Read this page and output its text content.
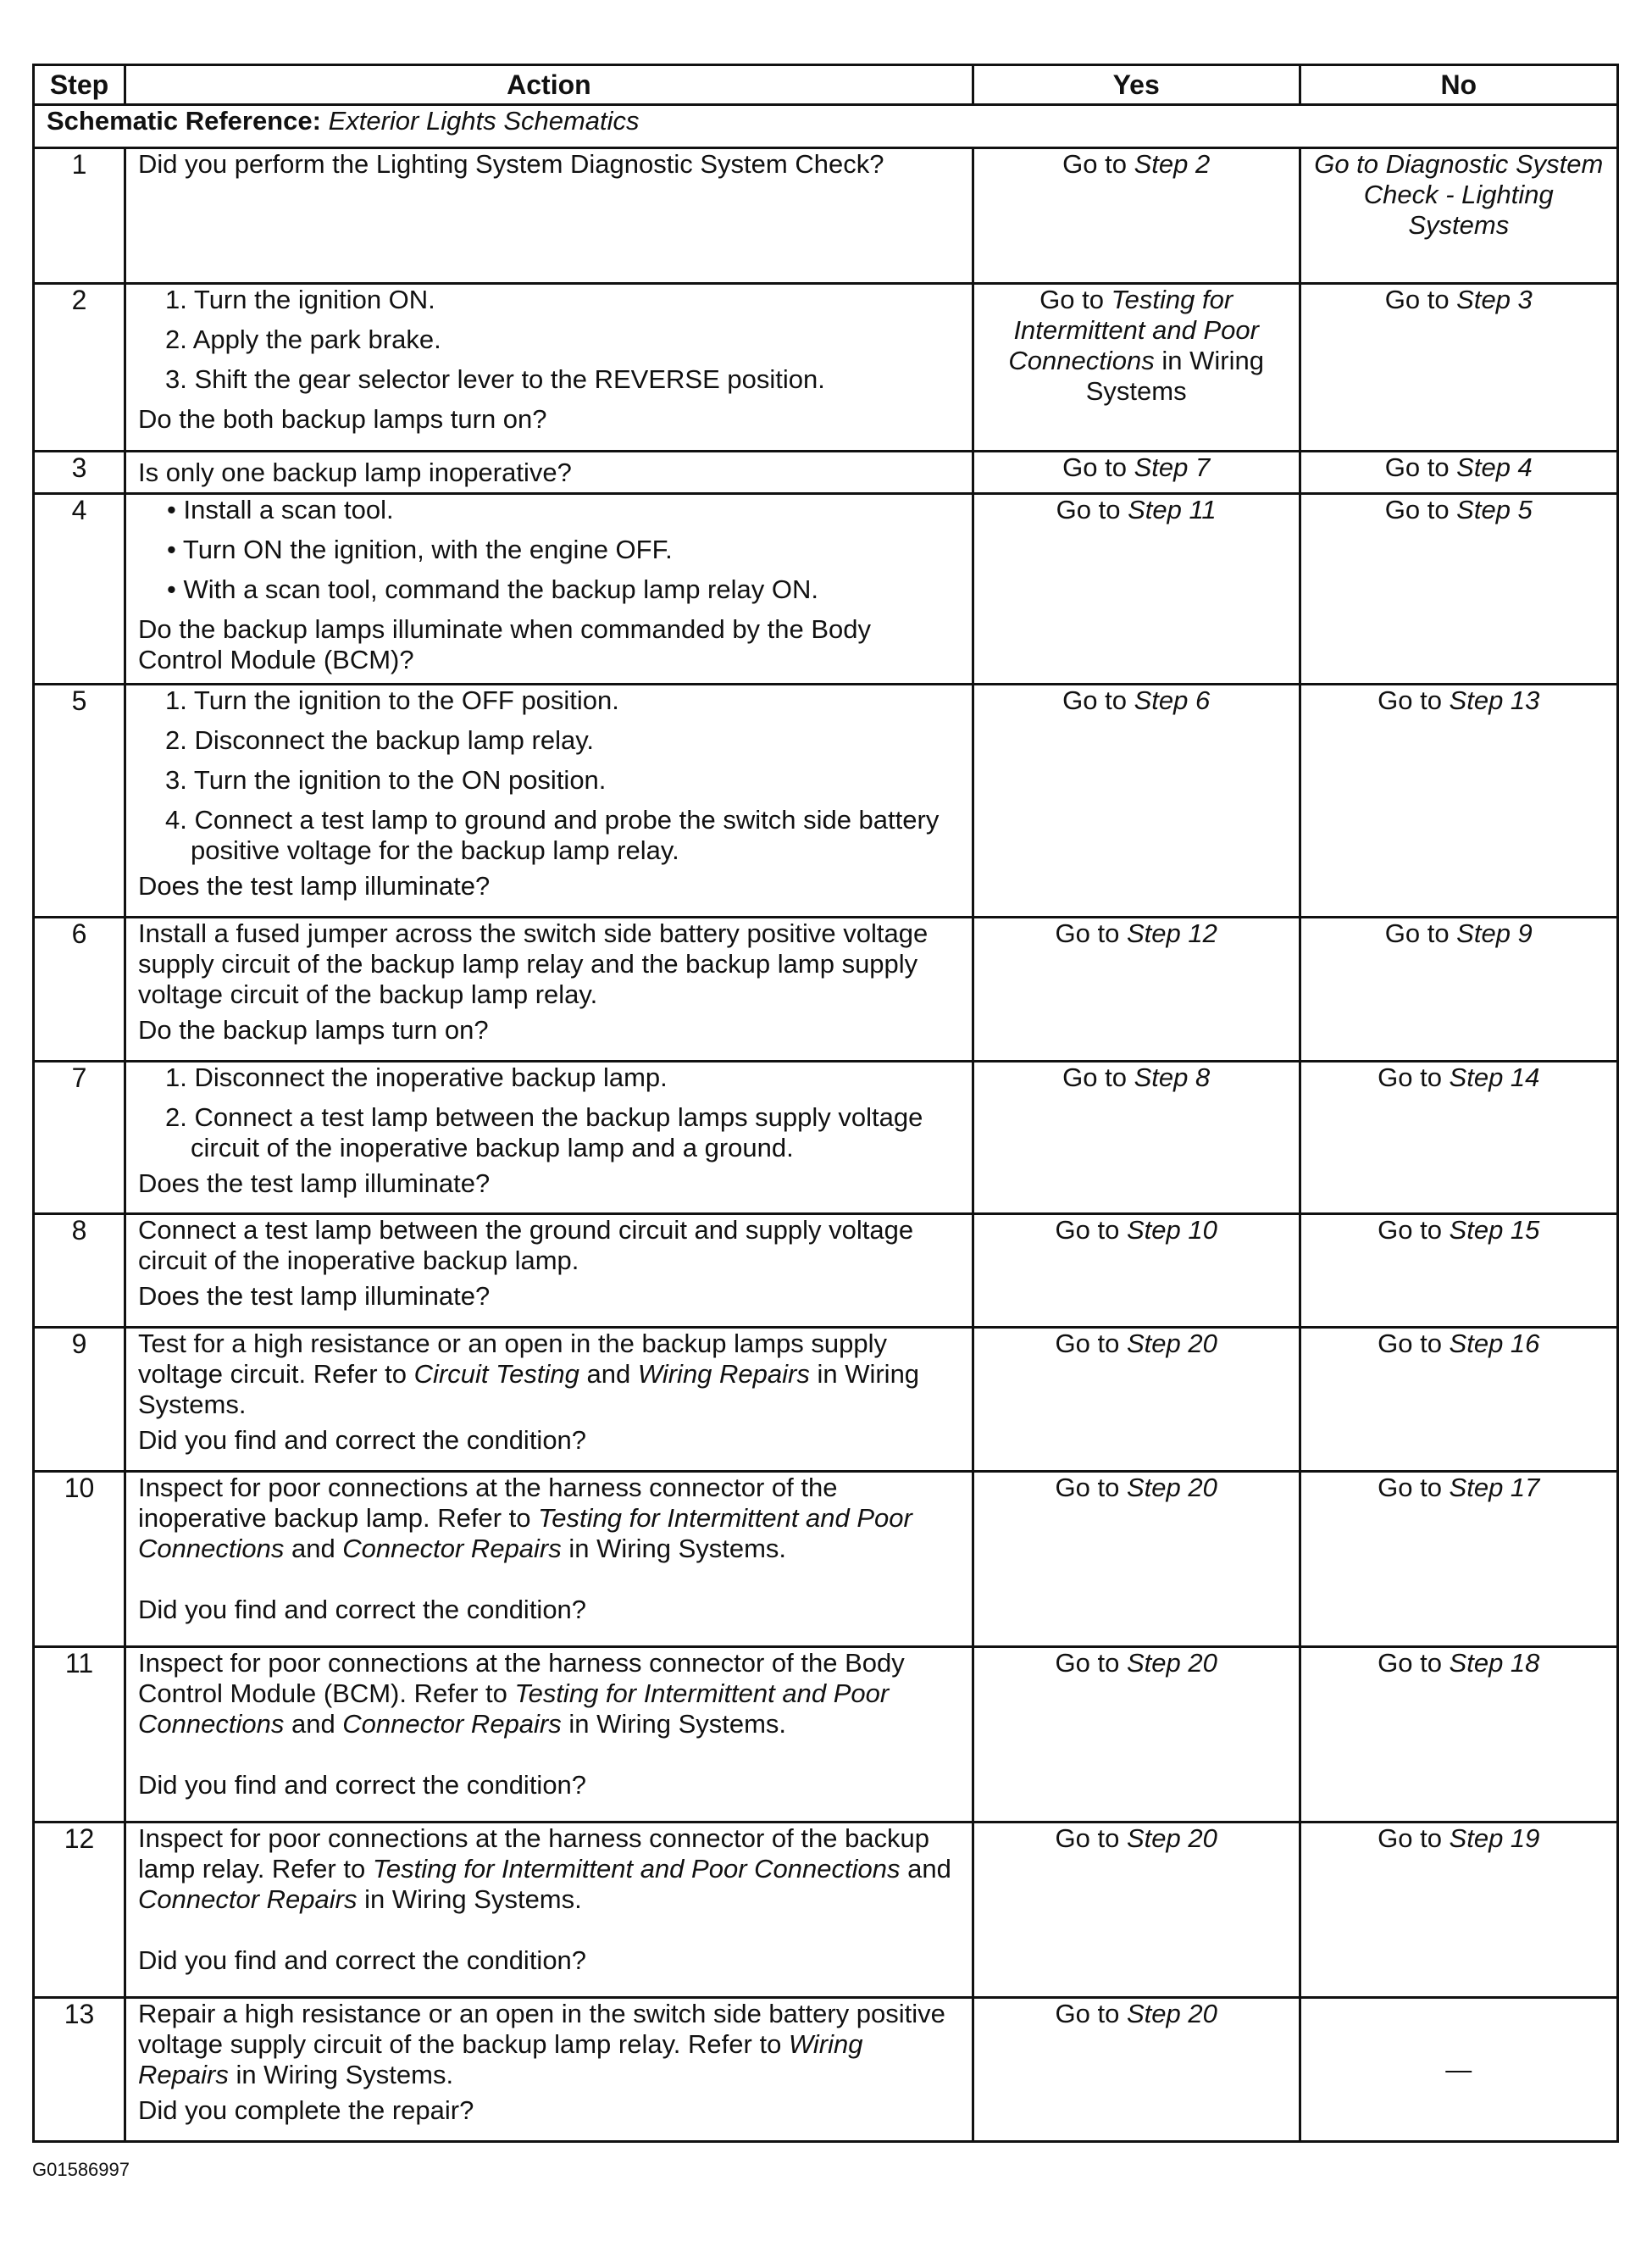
Step	Action	Yes	No
Schematic Reference: Exterior Lights Schematics			
1	Did you perform the Lighting System Diagnostic System Check?	Go to Step 2	Go to Diagnostic System Check - Lighting Systems
2	1. Turn the ignition ON.
2. Apply the park brake.
3. Shift the gear selector lever to the REVERSE position.
Do the both backup lamps turn on?	Go to Testing for Intermittent and Poor Connections in Wiring Systems	Go to Step 3
3	Is only one backup lamp inoperative?	Go to Step 7	Go to Step 4
4	• Install a scan tool.
• Turn ON the ignition, with the engine OFF.
• With a scan tool, command the backup lamp relay ON.
Do the backup lamps illuminate when commanded by the Body Control Module (BCM)?	Go to Step 11	Go to Step 5
5	1. Turn the ignition to the OFF position.
2. Disconnect the backup lamp relay.
3. Turn the ignition to the ON position.
4. Connect a test lamp to ground and probe the switch side battery positive voltage for the backup lamp relay.
Does the test lamp illuminate?	Go to Step 6	Go to Step 13
6	Install a fused jumper across the switch side battery positive voltage supply circuit of the backup lamp relay and the backup lamp supply voltage circuit of the backup lamp relay.
Do the backup lamps turn on?	Go to Step 12	Go to Step 9
7	1. Disconnect the inoperative backup lamp.
2. Connect a test lamp between the backup lamps supply voltage circuit of the inoperative backup lamp and a ground.
Does the test lamp illuminate?	Go to Step 8	Go to Step 14
8	Connect a test lamp between the ground circuit and supply voltage circuit of the inoperative backup lamp.
Does the test lamp illuminate?	Go to Step 10	Go to Step 15
9	Test for a high resistance or an open in the backup lamps supply voltage circuit. Refer to Circuit Testing and Wiring Repairs in Wiring Systems.
Did you find and correct the condition?	Go to Step 20	Go to Step 16
10	Inspect for poor connections at the harness connector of the inoperative backup lamp. Refer to Testing for Intermittent and Poor Connections and Connector Repairs in Wiring Systems.
Did you find and correct the condition?	Go to Step 20	Go to Step 17
11	Inspect for poor connections at the harness connector of the Body Control Module (BCM). Refer to Testing for Intermittent and Poor Connections and Connector Repairs in Wiring Systems.
Did you find and correct the condition?	Go to Step 20	Go to Step 18
12	Inspect for poor connections at the harness connector of the backup lamp relay. Refer to Testing for Intermittent and Poor Connections and Connector Repairs in Wiring Systems.
Did you find and correct the condition?	Go to Step 20	Go to Step 19
13	Repair a high resistance or an open in the switch side battery positive voltage supply circuit of the backup lamp relay. Refer to Wiring Repairs in Wiring Systems.
Did you complete the repair?	Go to Step 20	—
G01586997
